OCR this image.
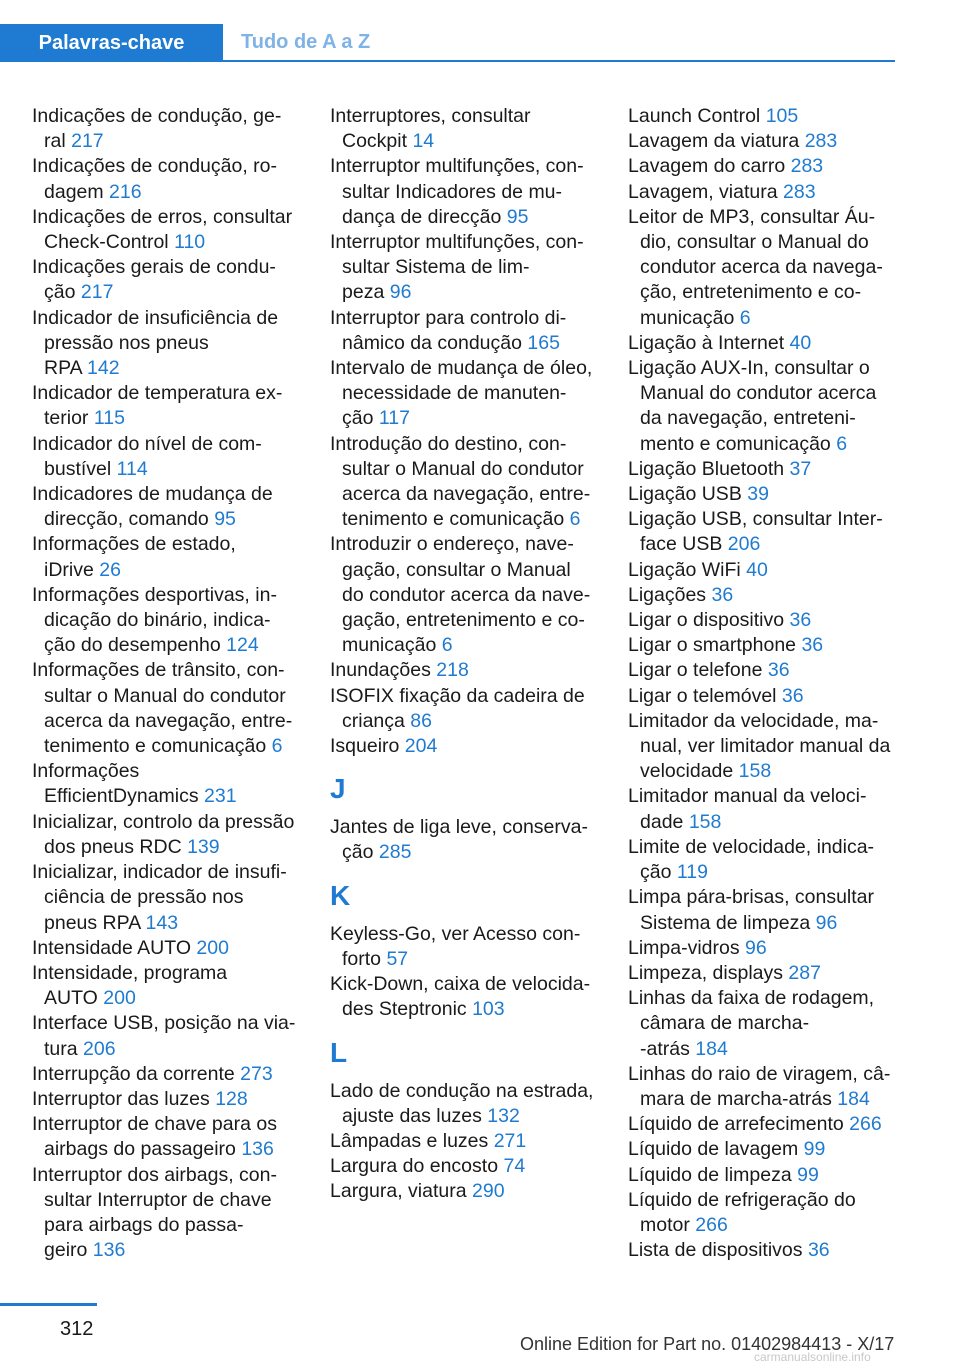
Palavras-chave	Tudo de A a Z
Indicações de condução, ge-
ral 217
Indicações de condução, ro-
dagem 216
Indicações de erros, consultar
Check-Control 110
Indicações gerais de condu-
ção 217
Indicador de insuficiência de
pressão nos pneus
RPA 142
Indicador de temperatura ex-
terior 115
Indicador do nível de com-
bustível 114
Indicadores de mudança de
direcção, comando 95
Informações de estado,
iDrive 26
Informações desportivas, in-
dicação do binário, indica-
ção do desempenho 124
Informações de trânsito, con-
sultar o Manual do condutor
acerca da navegação, entre-
tenimento e comunicação 6
Informações
EfficientDynamics 231
Inicializar, controlo da pressão
dos pneus RDC 139
Inicializar, indicador de insufi-
ciência de pressão nos
pneus RPA 143
Intensidade AUTO 200
Intensidade, programa
AUTO 200
Interface USB, posição na via-
tura 206
Interrupção da corrente 273
Interruptor das luzes 128
Interruptor de chave para os
airbags do passageiro 136
Interruptor dos airbags, con-
sultar Interruptor de chave
para airbags do passa-
geiro 136
Interruptores, consultar
Cockpit 14
Interruptor multifunções, con-
sultar Indicadores de mu-
dança de direcção 95
Interruptor multifunções, con-
sultar Sistema de lim-
peza 96
Interruptor para controlo di-
nâmico da condução 165
Intervalo de mudança de óleo,
necessidade de manuten-
ção 117
Introdução do destino, con-
sultar o Manual do condutor
acerca da navegação, entre-
tenimento e comunicação 6
Introduzir o endereço, nave-
gação, consultar o Manual
do condutor acerca da nave-
gação, entretenimento e co-
municação 6
Inundações 218
ISOFIX fixação da cadeira de
criança 86
Isqueiro 204
J
Jantes de liga leve, conserva-
ção 285
K
Keyless-Go, ver Acesso con-
forto 57
Kick-Down, caixa de velocida-
des Steptronic 103
L
Lado de condução na estrada,
ajuste das luzes 132
Lâmpadas e luzes 271
Largura do encosto 74
Largura, viatura 290
Launch Control 105
Lavagem da viatura 283
Lavagem do carro 283
Lavagem, viatura 283
Leitor de MP3, consultar Áu-
dio, consultar o Manual do
condutor acerca da navega-
ção, entretenimento e co-
municação 6
Ligação à Internet 40
Ligação AUX-In, consultar o
Manual do condutor acerca
da navegação, entreteni-
mento e comunicação 6
Ligação Bluetooth 37
Ligação USB 39
Ligação USB, consultar Inter-
face USB 206
Ligação WiFi 40
Ligações 36
Ligar o dispositivo 36
Ligar o smartphone 36
Ligar o telefone 36
Ligar o telemóvel 36
Limitador da velocidade, ma-
nual, ver limitador manual da
velocidade 158
Limitador manual da veloci-
dade 158
Limite de velocidade, indica-
ção 119
Limpa pára-brisas, consultar
Sistema de limpeza 96
Limpa-vidros 96
Limpeza, displays 287
Linhas da faixa de rodagem,
câmara de marcha-
-atrás 184
Linhas do raio de viragem, câ-
mara de marcha-atrás 184
Líquido de arrefecimento 266
Líquido de lavagem 99
Líquido de limpeza 99
Líquido de refrigeração do
motor 266
Lista de dispositivos 36
312
Online Edition for Part no. 01402984413 - X/17
carmanualsonline.info
